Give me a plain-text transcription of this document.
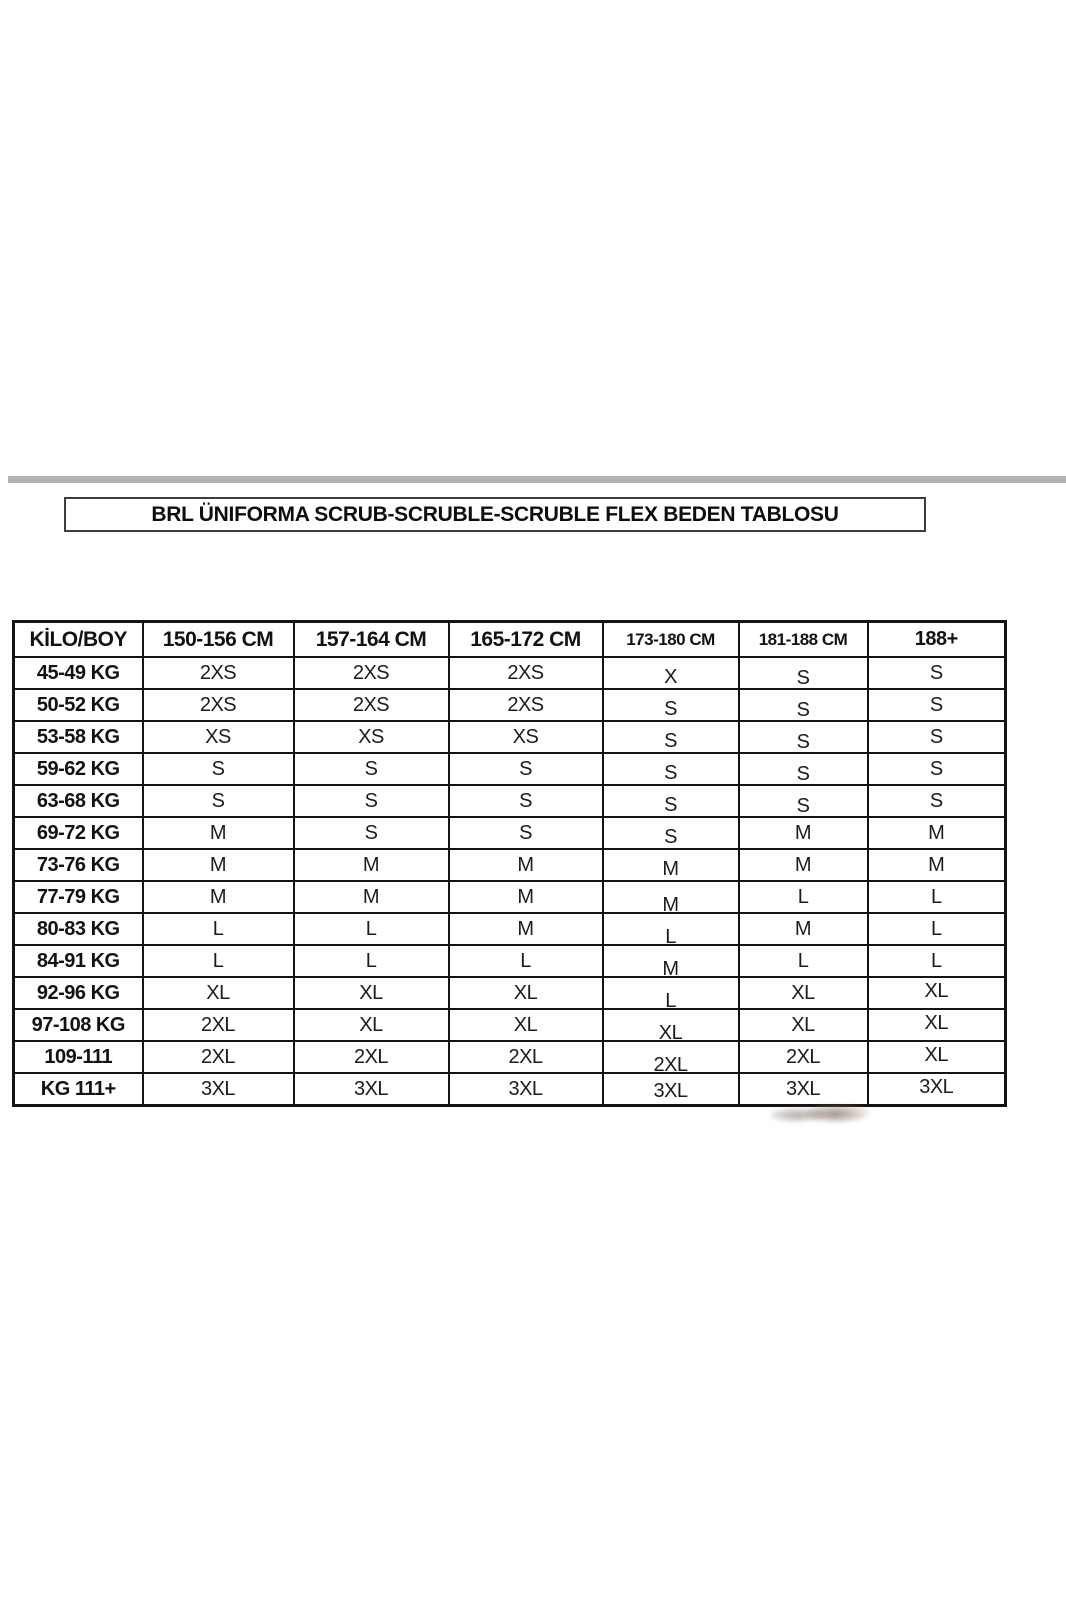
BRL ÜNIFORMA SCRUB-SCRUBLE-SCRUBLE FLEX BEDEN TABLOSU
KİLO/BOY	150-156 CM	157-164 CM	165-172 CM	173-180 CM	181-188 CM	188+
45-49 KG	2XS	2XS	2XS	X	S	S
50-52 KG	2XS	2XS	2XS	S	S	S
53-58 KG	XS	XS	XS	S	S	S
59-62 KG	S	S	S	S	S	S
63-68 KG	S	S	S	S	S	S
69-72 KG	M	S	S	S	M	M
73-76 KG	M	M	M	M	M	M
77-79 KG	M	M	M	M	L	L
80-83 KG	L	L	M	L	M	L
84-91 KG	L	L	L	M	L	L
92-96 KG	XL	XL	XL	L	XL	XL
97-108 KG	2XL	XL	XL	XL	XL	XL
109-111	2XL	2XL	2XL	2XL	2XL	XL
KG 111+	3XL	3XL	3XL	3XL	3XL	3XL
